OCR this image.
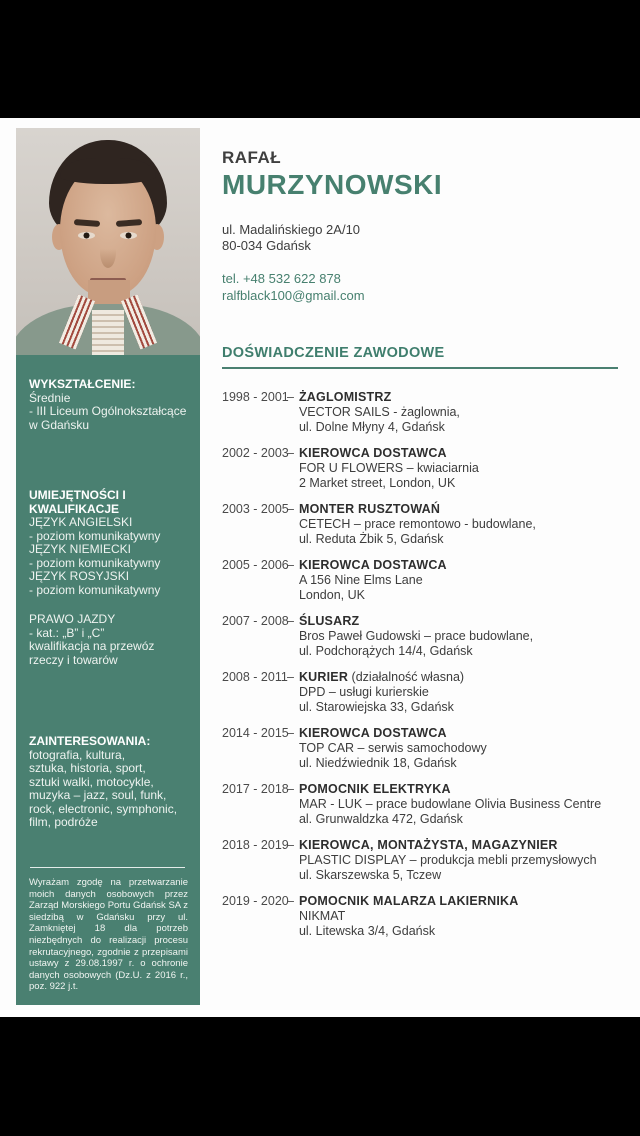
WYKSZTAŁCENIE:
Średnie
- III Liceum Ogólnokształcące
w Gdańsku
UMIEJĘTNOŚCI I KWALIFIKACJE
JĘZYK ANGIELSKI
- poziom komunikatywny
JĘZYK NIEMIECKI
- poziom komunikatywny
JĘZYK ROSYJSKI
- poziom komunikatywny
PRAWO JAZDY
- kat.: „B” i „C”
kwalifikacja na przewóz
rzeczy i towarów
ZAINTERESOWANIA:
fotografia, kultura,
sztuka, historia, sport,
sztuki walki, motocykle,
muzyka – jazz, soul, funk,
rock, electronic, symphonic,
film, podróże

Wyrażam zgodę na przetwarzanie moich danych osobowych przez Zarząd Morskiego Portu Gdańsk SA z siedzibą w Gdańsku przy ul. Zamkniętej 18 dla potrzeb niezbędnych do realizacji procesu rekrutacyjnego, zgodnie z przepisami ustawy z 29.08.1997 r. o ochronie danych osobowych (Dz.U. z 2016 r., poz. 922 j.t.

RAFAŁ
MURZYNOWSKI
ul. Madalińskiego 2A/10
80-034 Gdańsk
tel. +48 532 622 878
ralfblack100@gmail.com
DOŚWIADCZENIE ZAWODOWE
1998 - 2001
– ŻAGLOMISTRZ
VECTOR SAILS - żaglownia,
ul. Dolne Młyny 4, Gdańsk
2002 - 2003
– KIEROWCA DOSTAWCA
FOR U FLOWERS – kwiaciarnia
2 Market street, London, UK
2003 - 2005
– MONTER RUSZTOWAŃ
CETECH – prace remontowo - budowlane,
ul. Reduta Żbik 5, Gdańsk
2005 - 2006
– KIEROWCA DOSTAWCA
A 156 Nine Elms Lane
London, UK
2007 - 2008
– ŚLUSARZ
Bros Paweł Gudowski – prace budowlane,
ul. Podchorążych 14/4, Gdańsk
2008 - 2011 – KURIER (działalność własna)
DPD – usługi kurierskie
ul. Starowiejska 33, Gdańsk
2014 - 2015
– KIEROWCA DOSTAWCA
TOP CAR – serwis samochodowy
ul. Niedźwiednik 18, Gdańsk
2017 - 2018
– POMOCNIK ELEKTRYKA
MAR - LUK – prace budowlane Olivia Business Centre
al. Grunwaldzka 472, Gdańsk
2018 - 2019
– KIEROWCA, MONTAŻYSTA, MAGAZYNIER
PLASTIC DISPLAY – produkcja mebli przemysłowych
ul. Skarszewska 5, Tczew
2019 - 2020
– POMOCNIK MALARZA LAKIERNIKA
NIKMAT
ul. Litewska 3/4, Gdańsk
